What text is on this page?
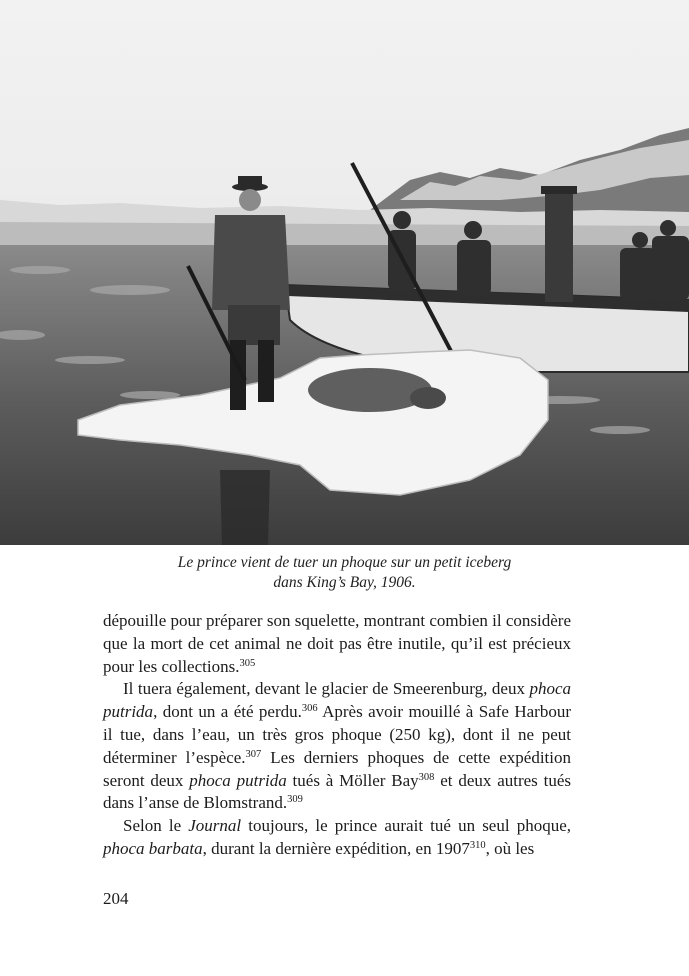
Le prince vient de tuer un phoque sur un petit iceberg
dans King’s Bay, 1906.

dépouille pour préparer son squelette, montrant combien il considère que la mort de cet animal ne doit pas être inutile, qu’il est précieux pour les collections.$^{305}$

Il tuera également, devant le glacier de Smeerenburg, deux phoca putrida, dont un a été perdu.$^{306}$ Après avoir mouillé à Safe Harbour il tue, dans l’eau, un très gros phoque (250 kg), dont il ne peut déterminer l’espèce.$^{307}$ Les derniers phoques de cette expédition seront deux phoca putrida tués à Möller Bay$^{308}$ et deux autres tués dans l’anse de Blomstrand.$^{309}$

Selon le Journal toujours, le prince aurait tué un seul phoque, phoca barbata, durant la dernière expédition, en 1907$^{310}$, où les

204
